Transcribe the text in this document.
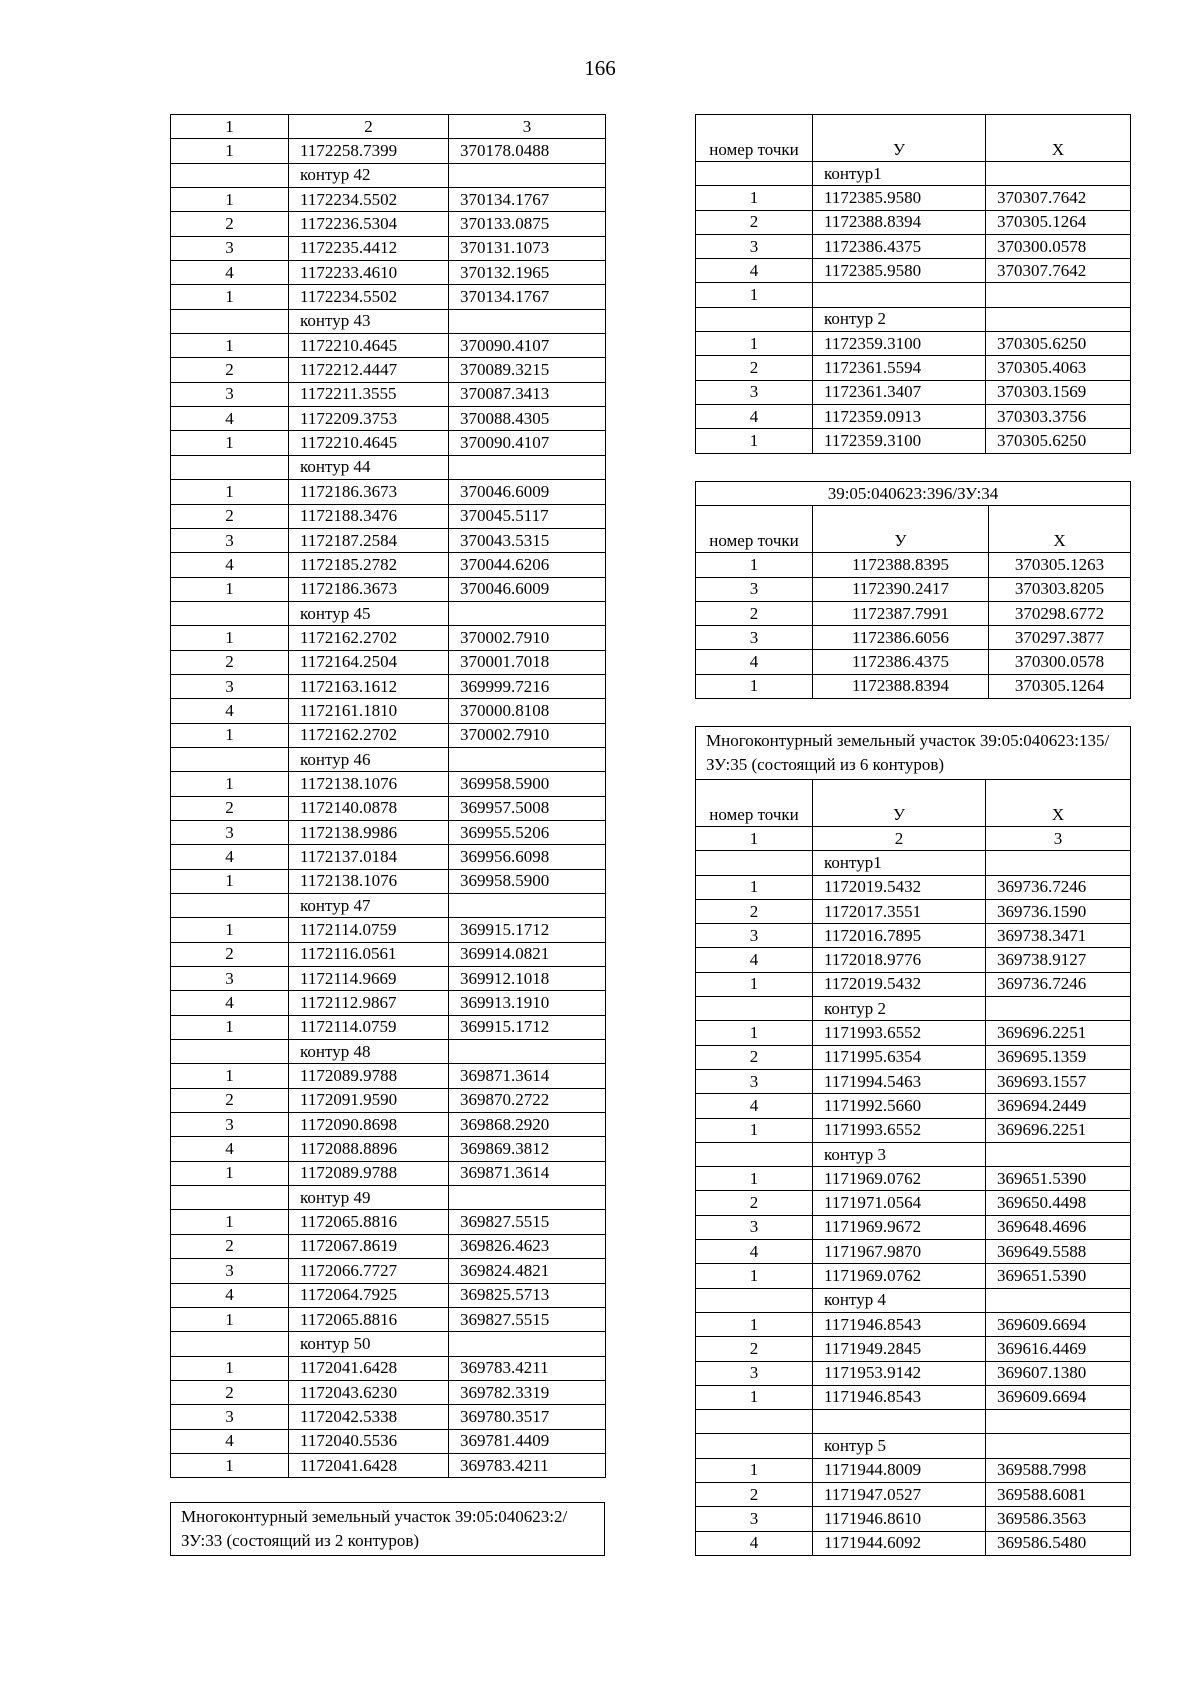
166
1	2	3
1	1172258.7399	370178.0488
	контур 42	
1	1172234.5502	370134.1767
2	1172236.5304	370133.0875
3	1172235.4412	370131.1073
4	1172233.4610	370132.1965
1	1172234.5502	370134.1767
	контур 43	
1	1172210.4645	370090.4107
2	1172212.4447	370089.3215
3	1172211.3555	370087.3413
4	1172209.3753	370088.4305
1	1172210.4645	370090.4107
	контур 44	
1	1172186.3673	370046.6009
2	1172188.3476	370045.5117
3	1172187.2584	370043.5315
4	1172185.2782	370044.6206
1	1172186.3673	370046.6009
	контур 45	
1	1172162.2702	370002.7910
2	1172164.2504	370001.7018
3	1172163.1612	369999.7216
4	1172161.1810	370000.8108
1	1172162.2702	370002.7910
	контур 46	
1	1172138.1076	369958.5900
2	1172140.0878	369957.5008
3	1172138.9986	369955.5206
4	1172137.0184	369956.6098
1	1172138.1076	369958.5900
	контур 47	
1	1172114.0759	369915.1712
2	1172116.0561	369914.0821
3	1172114.9669	369912.1018
4	1172112.9867	369913.1910
1	1172114.0759	369915.1712
	контур 48	
1	1172089.9788	369871.3614
2	1172091.9590	369870.2722
3	1172090.8698	369868.2920
4	1172088.8896	369869.3812
1	1172089.9788	369871.3614
	контур 49	
1	1172065.8816	369827.5515
2	1172067.8619	369826.4623
3	1172066.7727	369824.4821
4	1172064.7925	369825.5713
1	1172065.8816	369827.5515
	контур 50	
1	1172041.6428	369783.4211
2	1172043.6230	369782.3319
3	1172042.5338	369780.3517
4	1172040.5536	369781.4409
1	1172041.6428	369783.4211
Многоконтурный земельный участок 39:05:040623:2/ЗУ:33 (состоящий из 2 контуров)
номер точки	У	Х
	контур1	
1	1172385.9580	370307.7642
2	1172388.8394	370305.1264
3	1172386.4375	370300.0578
4	1172385.9580	370307.7642
1		
	контур 2	
1	1172359.3100	370305.6250
2	1172361.5594	370305.4063
3	1172361.3407	370303.1569
4	1172359.0913	370303.3756
1	1172359.3100	370305.6250
39:05:040623:396/ЗУ:34		
номер точки	У	Х
1	1172388.8395	370305.1263
3	1172390.2417	370303.8205
2	1172387.7991	370298.6772
3	1172386.6056	370297.3877
4	1172386.4375	370300.0578
1	1172388.8394	370305.1264
Многоконтурный земельный участок 39:05:040623:135/ЗУ:35 (состоящий из 6 контуров)		
номер точки	У	Х
1	2	3
	контур1	
1	1172019.5432	369736.7246
2	1172017.3551	369736.1590
3	1172016.7895	369738.3471
4	1172018.9776	369738.9127
1	1172019.5432	369736.7246
	контур 2	
1	1171993.6552	369696.2251
2	1171995.6354	369695.1359
3	1171994.5463	369693.1557
4	1171992.5660	369694.2449
1	1171993.6552	369696.2251
	контур 3	
1	1171969.0762	369651.5390
2	1171971.0564	369650.4498
3	1171969.9672	369648.4696
4	1171967.9870	369649.5588
1	1171969.0762	369651.5390
	контур 4	
1	1171946.8543	369609.6694
2	1171949.2845	369616.4469
3	1171953.9142	369607.1380
1	1171946.8543	369609.6694

	контур 5	
1	1171944.8009	369588.7998
2	1171947.0527	369588.6081
3	1171946.8610	369586.3563
4	1171944.6092	369586.5480
